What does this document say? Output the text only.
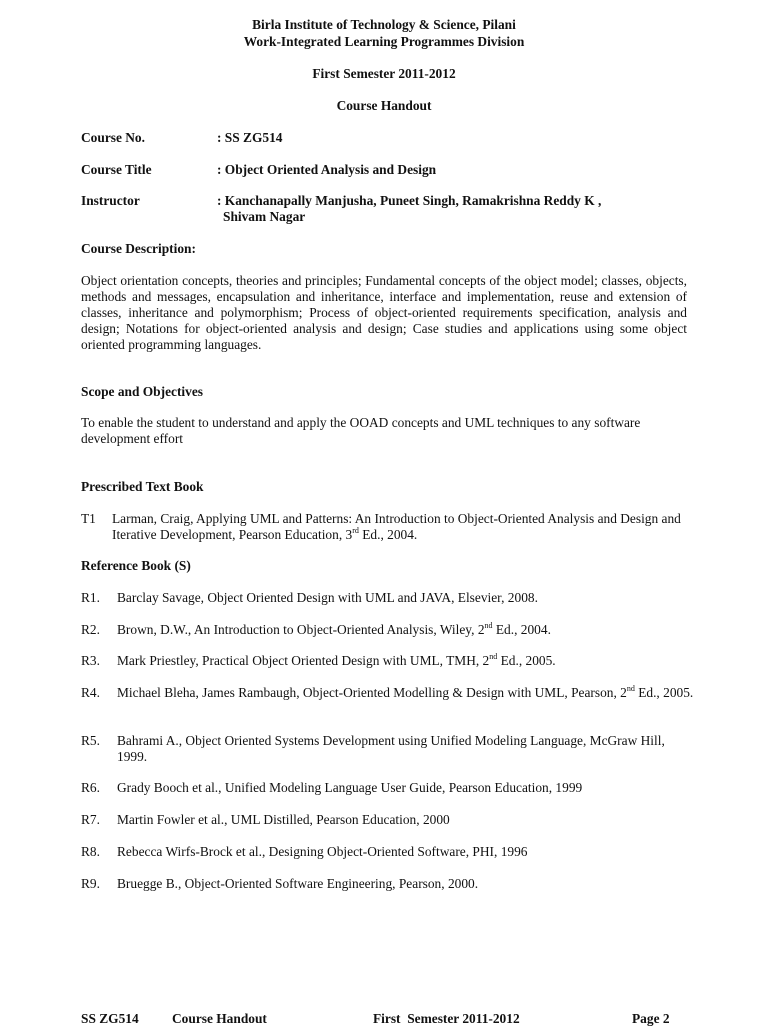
Birla Institute of Technology & Science, Pilani
Work-Integrated Learning Programmes Division
First Semester 2011-2012
Course Handout
Course No.	: SS ZG514
Course Title	: Object Oriented Analysis and Design
Instructor	: Kanchanapally Manjusha, Puneet Singh, Ramakrishna Reddy K ,
Shivam Nagar
Course Description:
Object orientation concepts, theories and principles; Fundamental concepts of the object model; classes, objects, methods and messages, encapsulation and inheritance, interface and implementation, reuse and extension of classes, inheritance and polymorphism; Process of object-oriented requirements specification, analysis and design; Notations for object-oriented analysis and design; Case studies and applications using some object oriented programming languages.
Scope and Objectives
To enable the student to understand and apply the OOAD concepts and UML techniques to any software development effort
Prescribed Text Book
T1 Larman, Craig, Applying UML and Patterns: An Introduction to Object-Oriented Analysis and Design and Iterative Development, Pearson Education, 3rd Ed., 2004.
Reference Book (S)
R1. Barclay Savage, Object Oriented Design with UML and JAVA, Elsevier, 2008.
R2. Brown, D.W., An Introduction to Object-Oriented Analysis, Wiley, 2nd Ed., 2004.
R3. Mark Priestley, Practical Object Oriented Design with UML, TMH, 2nd Ed., 2005.
R4. Michael Bleha, James Rambaugh, Object-Oriented Modelling & Design with UML, Pearson, 2nd Ed., 2005.
R5. Bahrami A., Object Oriented Systems Development using Unified Modeling Language, McGraw Hill, 1999.
R6. Grady Booch et al., Unified Modeling Language User Guide, Pearson Education, 1999
R7. Martin Fowler et al., UML Distilled, Pearson Education, 2000
R8. Rebecca Wirfs-Brock et al., Designing Object-Oriented Software, PHI, 1996
R9. Bruegge B., Object-Oriented Software Engineering, Pearson, 2000.
SS ZG514 Course Handout	First  Semester 2011-2012	Page 2
